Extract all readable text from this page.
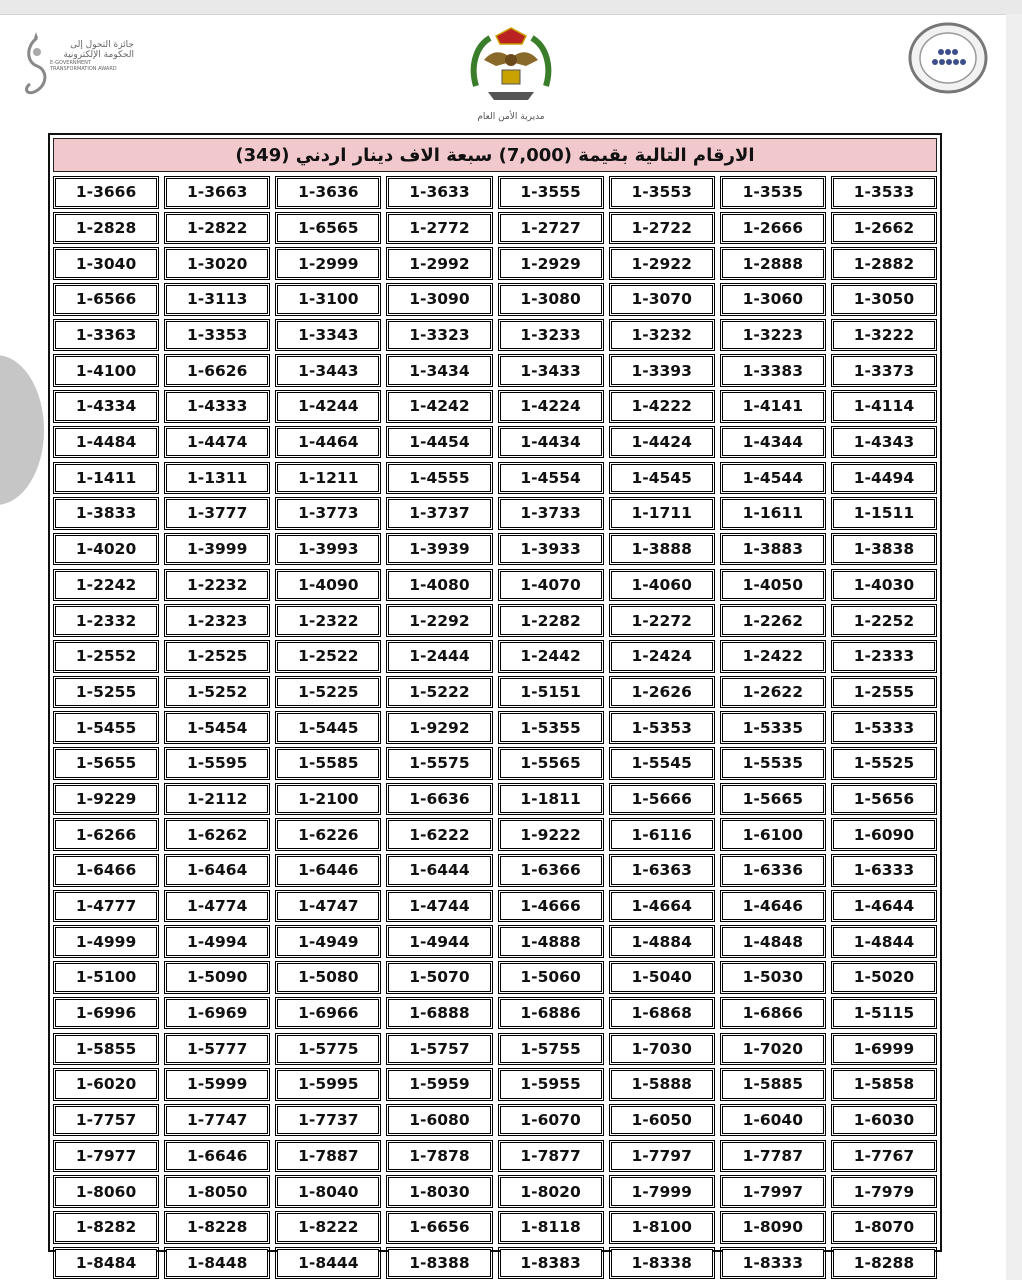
جائزة التحول إلى
الحكومة الإلكترونية
E-GOVERNMENT
TRANSFORMATION AWARD
مديرية الأمن العام
الارقام التالية بقيمة (7,000) سبعة الاف دينار اردني (349)
1-3533
1-3535
1-3553
1-3555
1-3633
1-3636
1-3663
1-3666
1-2662
1-2666
1-2722
1-2727
1-2772
1-6565
1-2822
1-2828
1-2882
1-2888
1-2922
1-2929
1-2992
1-2999
1-3020
1-3040
1-3050
1-3060
1-3070
1-3080
1-3090
1-3100
1-3113
1-6566
1-3222
1-3223
1-3232
1-3233
1-3323
1-3343
1-3353
1-3363
1-3373
1-3383
1-3393
1-3433
1-3434
1-3443
1-6626
1-4100
1-4114
1-4141
1-4222
1-4224
1-4242
1-4244
1-4333
1-4334
1-4343
1-4344
1-4424
1-4434
1-4454
1-4464
1-4474
1-4484
1-4494
1-4544
1-4545
1-4554
1-4555
1-1211
1-1311
1-1411
1-1511
1-1611
1-1711
1-3733
1-3737
1-3773
1-3777
1-3833
1-3838
1-3883
1-3888
1-3933
1-3939
1-3993
1-3999
1-4020
1-4030
1-4050
1-4060
1-4070
1-4080
1-4090
1-2232
1-2242
1-2252
1-2262
1-2272
1-2282
1-2292
1-2322
1-2323
1-2332
1-2333
1-2422
1-2424
1-2442
1-2444
1-2522
1-2525
1-2552
1-2555
1-2622
1-2626
1-5151
1-5222
1-5225
1-5252
1-5255
1-5333
1-5335
1-5353
1-5355
1-9292
1-5445
1-5454
1-5455
1-5525
1-5535
1-5545
1-5565
1-5575
1-5585
1-5595
1-5655
1-5656
1-5665
1-5666
1-1811
1-6636
1-2100
1-2112
1-9229
1-6090
1-6100
1-6116
1-9222
1-6222
1-6226
1-6262
1-6266
1-6333
1-6336
1-6363
1-6366
1-6444
1-6446
1-6464
1-6466
1-4644
1-4646
1-4664
1-4666
1-4744
1-4747
1-4774
1-4777
1-4844
1-4848
1-4884
1-4888
1-4944
1-4949
1-4994
1-4999
1-5020
1-5030
1-5040
1-5060
1-5070
1-5080
1-5090
1-5100
1-5115
1-6866
1-6868
1-6886
1-6888
1-6966
1-6969
1-6996
1-6999
1-7020
1-7030
1-5755
1-5757
1-5775
1-5777
1-5855
1-5858
1-5885
1-5888
1-5955
1-5959
1-5995
1-5999
1-6020
1-6030
1-6040
1-6050
1-6070
1-6080
1-7737
1-7747
1-7757
1-7767
1-7787
1-7797
1-7877
1-7878
1-7887
1-6646
1-7977
1-7979
1-7997
1-7999
1-8020
1-8030
1-8040
1-8050
1-8060
1-8070
1-8090
1-8100
1-8118
1-6656
1-8222
1-8228
1-8282
1-8288
1-8333
1-8338
1-8383
1-8388
1-8444
1-8448
1-8484
